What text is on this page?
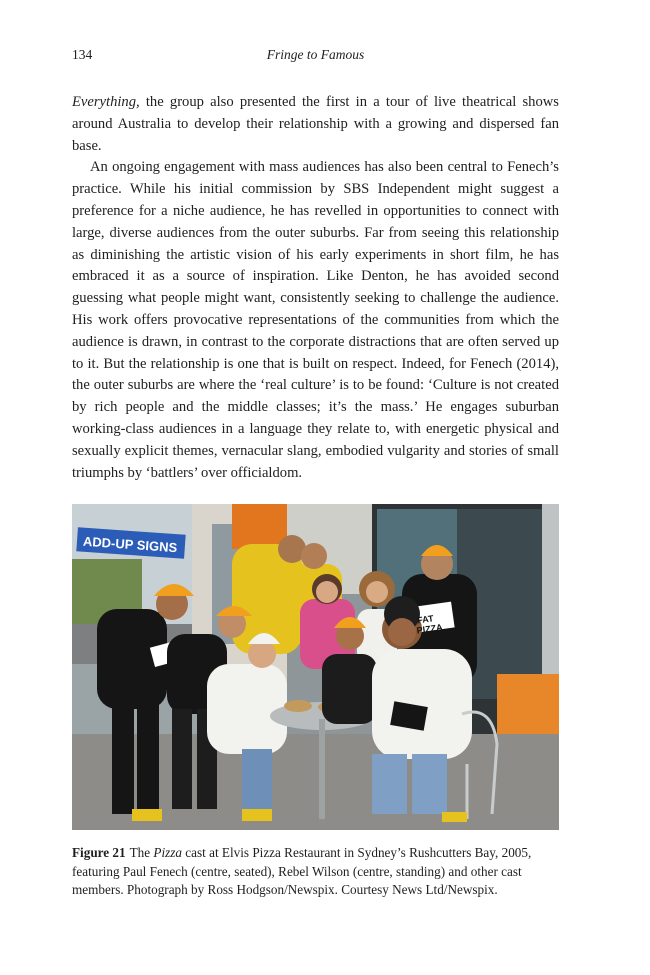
134	Fringe to Famous

Everything, the group also presented the first in a tour of live theatrical shows around Australia to develop their relationship with a growing and dispersed fan base.

An ongoing engagement with mass audiences has also been central to Fenech’s practice. While his initial commission by SBS Independent might suggest a preference for a niche audience, he has revelled in opportunities to connect with large, diverse audiences from the outer suburbs. Far from seeing this relationship as diminishing the artistic vision of his early experiments in short film, he has embraced it as a source of inspiration. Like Denton, he has avoided second guessing what people might want, consistently seeking to challenge the audience. His work offers provocative representations of the communities from which the audience is drawn, in contrast to the corporate distractions that are often served up to it. But the relationship is one that is built on respect. Indeed, for Fenech (2014), the outer suburbs are where the ‘real culture’ is to be found: ‘Culture is not created by rich people and the middle classes; it’s the mass.’ He engages suburban working-class audiences in a language they relate to, with energetic physical and sexually explicit themes, vernacular slang, embodied vulgarity and stories of small triumphs by ‘battlers’ over officialdom.

ADD-UP SIGNS
FAT
PIZZA
Figure 21 The Pizza cast at Elvis Pizza Restaurant in Sydney’s Rushcutters Bay, 2005, featuring Paul Fenech (centre, seated), Rebel Wilson (centre, standing) and other cast members. Photograph by Ross Hodgson/Newspix. Courtesy News Ltd/Newspix.
